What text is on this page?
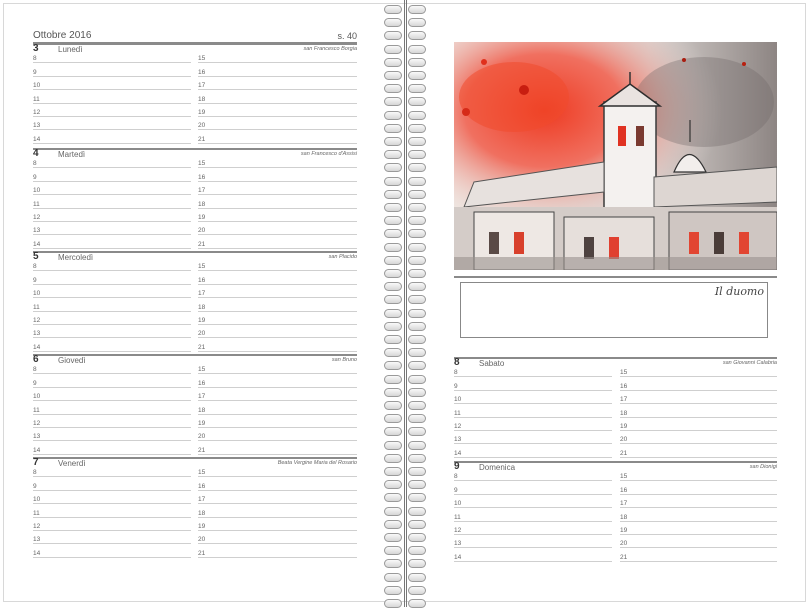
Ottobre 2016	s. 40
3 Lunedì	san Francesco Borgia
8	15
9	16
10	17
11	18
12	19
13	20
14	21
4 Martedì	san Francesco d'Assisi
8	15
9	16
10	17
11	18
12	19
13	20
14	21
5 Mercoledì	san Placido
8	15
9	16
10	17
11	18
12	19
13	20
14	21
6 Giovedì	san Bruno
8	15
9	16
10	17
11	18
12	19
13	20
14	21
7 Venerdì	Beata Vergine Maria del Rosario
8	15
9	16
10	17
11	18
12	19
13	20
14	21
Il duomo
8 Sabato	san Giovanni Calabria
8	15
9	16
10	17
11	18
12	19
13	20
14	21
9 Domenica	san Dionigi
8	15
9	16
10	17
11	18
12	19
13	20
14	21
